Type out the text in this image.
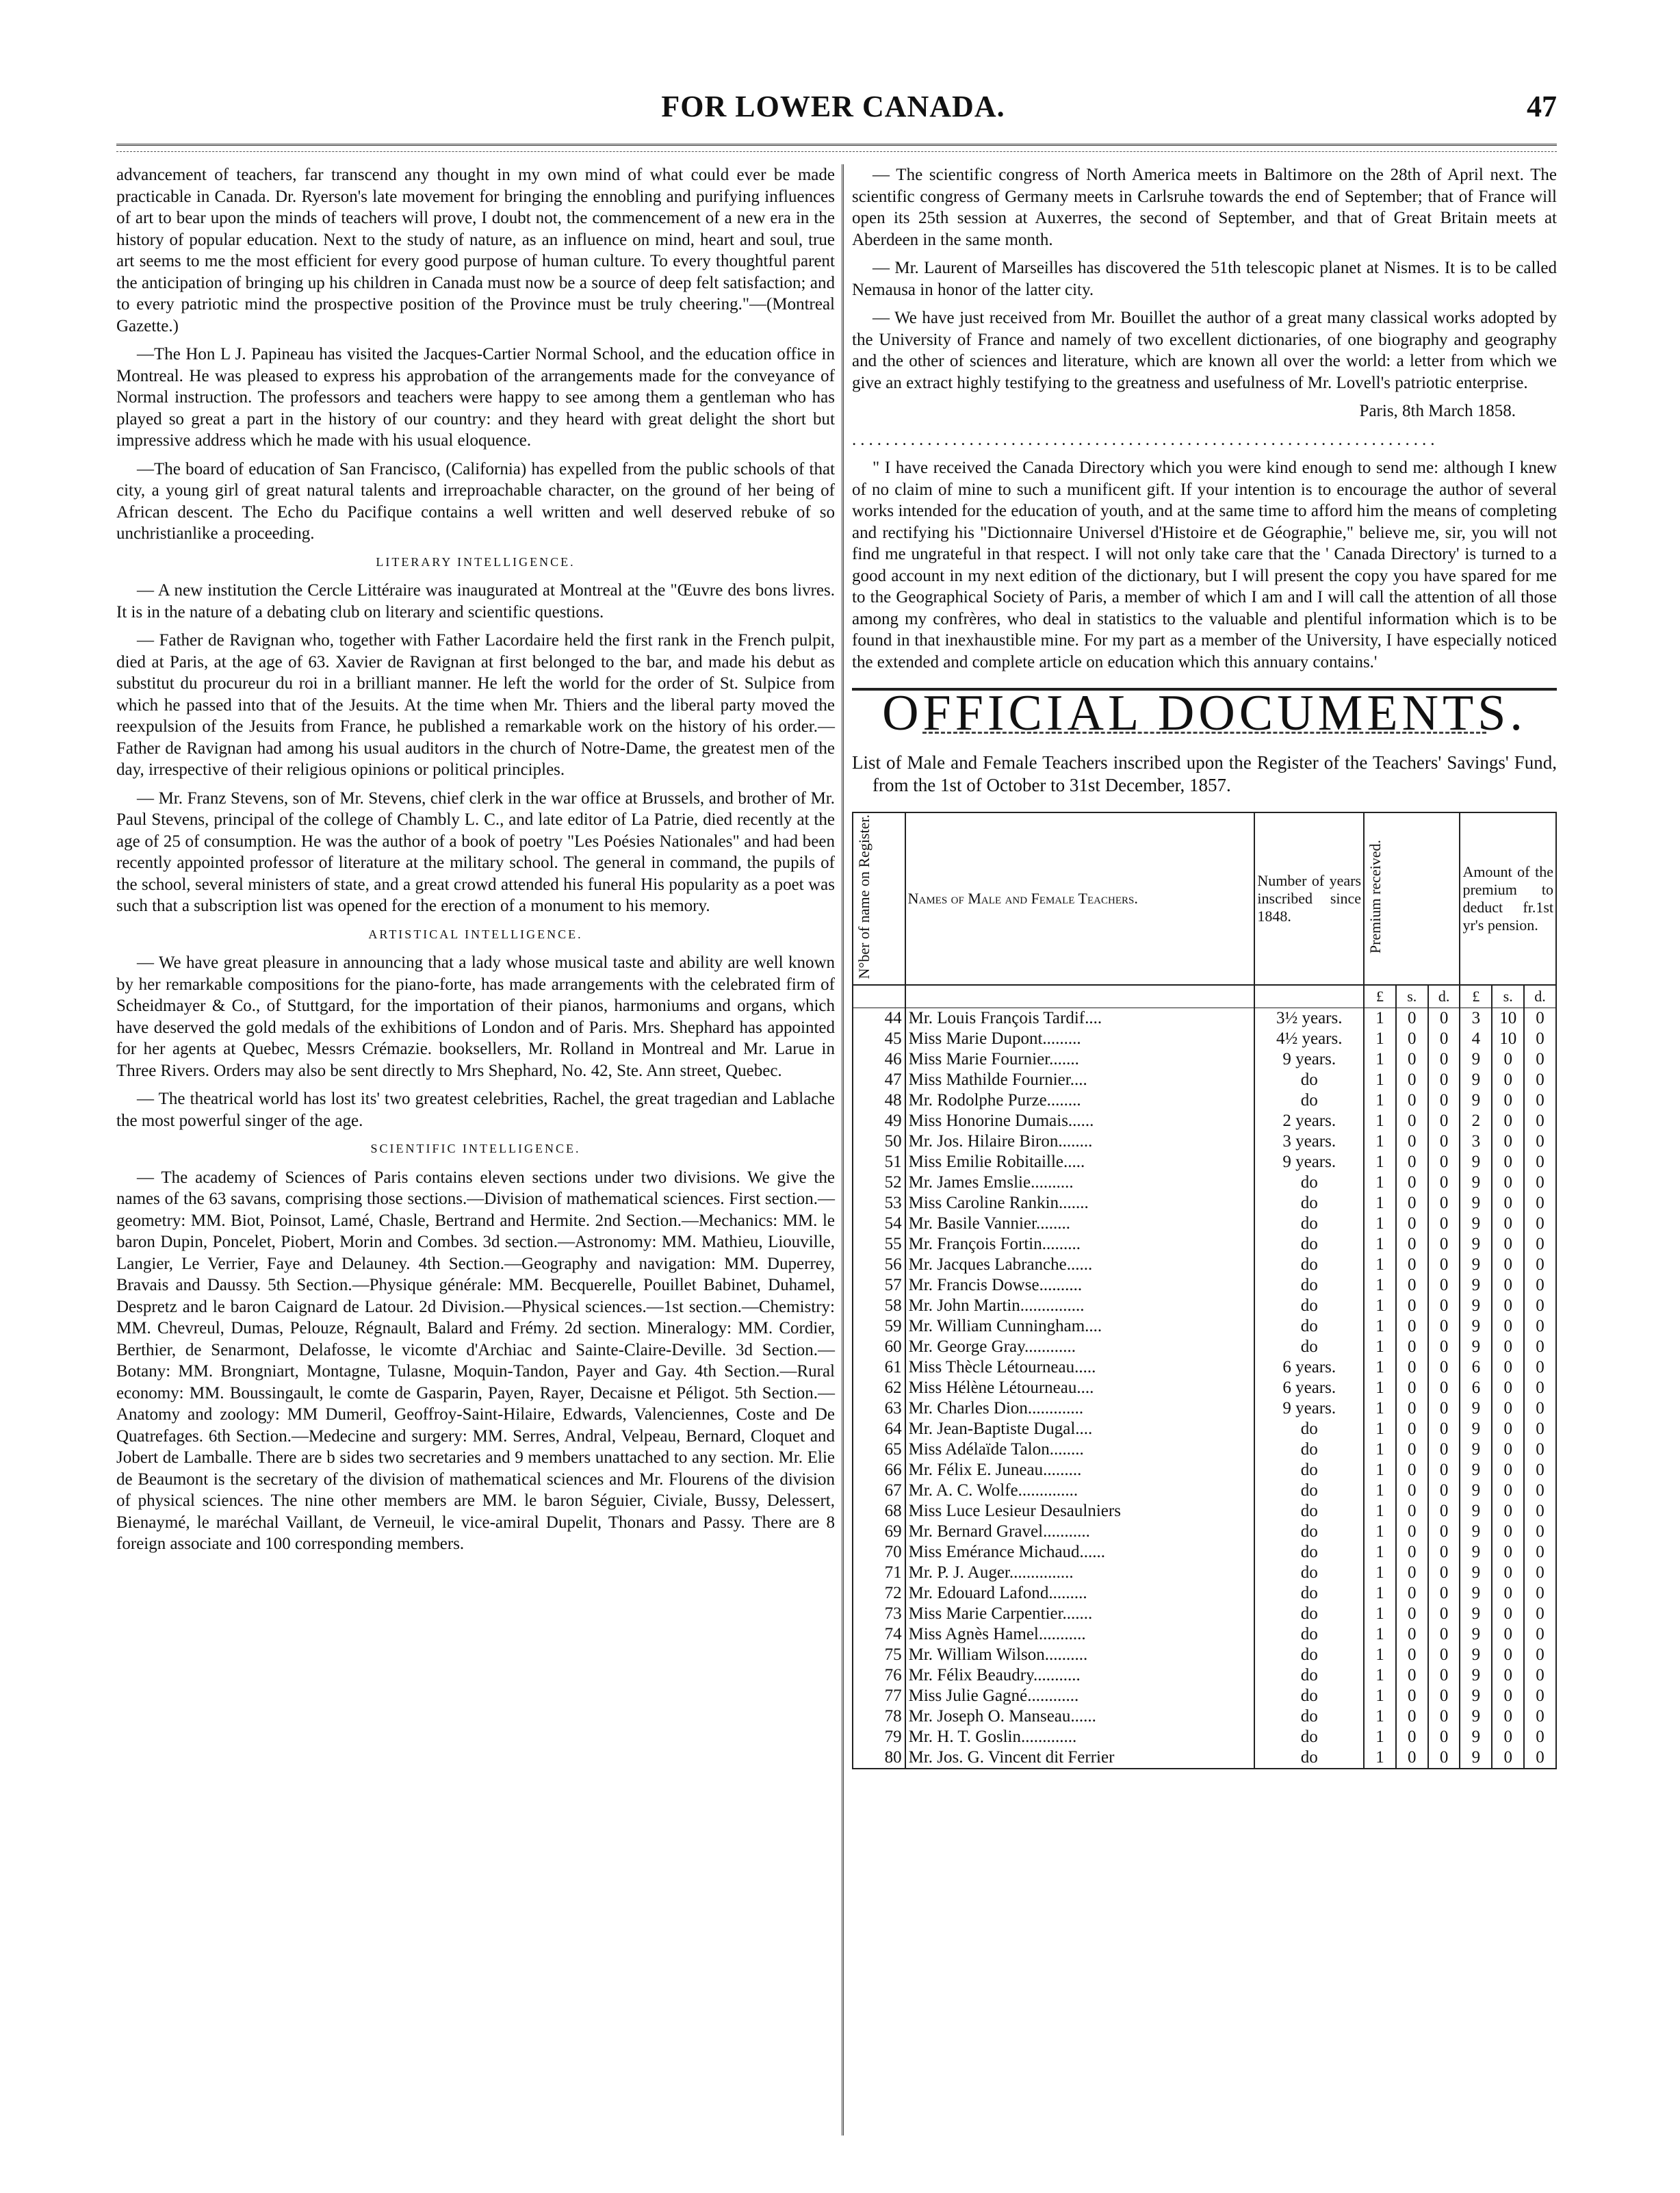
FOR LOWER CANADA.	47

advancement of teachers, far transcend any thought in my own mind of what could ever be made practicable in Canada. Dr. Ryerson's late movement for bringing the ennobling and purifying influences of art to bear upon the minds of teachers will prove, I doubt not, the commencement of a new era in the history of popular education. Next to the study of nature, as an influence on mind, heart and soul, true art seems to me the most efficient for every good purpose of human culture. To every thoughtful parent the anticipation of bringing up his children in Canada must now be a source of deep felt satisfaction; and to every patriotic mind the prospective position of the Province must be truly cheering."—(Montreal Gazette.)

—The Hon L J. Papineau has visited the Jacques-Cartier Normal School, and the education office in Montreal. He was pleased to express his approbation of the arrangements made for the conveyance of Normal instruction. The professors and teachers were happy to see among them a gentleman who has played so great a part in the history of our country: and they heard with great delight the short but impressive address which he made with his usual eloquence.

—The board of education of San Francisco, (California) has expelled from the public schools of that city, a young girl of great natural talents and irreproachable character, on the ground of her being of African descent. The Echo du Pacifique contains a well written and well deserved rebuke of so unchristianlike a proceeding.

LITERARY INTELLIGENCE.

— A new institution the Cercle Littéraire was inaugurated at Montreal at the "Œuvre des bons livres. It is in the nature of a debating club on literary and scientific questions.

— Father de Ravignan who, together with Father Lacordaire held the first rank in the French pulpit, died at Paris, at the age of 63. Xavier de Ravignan at first belonged to the bar, and made his debut as substitut du procureur du roi in a brilliant manner. He left the world for the order of St. Sulpice from which he passed into that of the Jesuits. At the time when Mr. Thiers and the liberal party moved the reexpulsion of the Jesuits from France, he published a remarkable work on the history of his order.—Father de Ravignan had among his usual auditors in the church of Notre-Dame, the greatest men of the day, irrespective of their religious opinions or political principles.

— Mr. Franz Stevens, son of Mr. Stevens, chief clerk in the war office at Brussels, and brother of Mr. Paul Stevens, principal of the college of Chambly L. C., and late editor of La Patrie, died recently at the age of 25 of consumption. He was the author of a book of poetry "Les Poésies Nationales" and had been recently appointed professor of literature at the military school. The general in command, the pupils of the school, several ministers of state, and a great crowd attended his funeral His popularity as a poet was such that a subscription list was opened for the erection of a monument to his memory.

ARTISTICAL INTELLIGENCE.

— We have great pleasure in announcing that a lady whose musical taste and ability are well known by her remarkable compositions for the piano-forte, has made arrangements with the celebrated firm of Scheidmayer & Co., of Stuttgard, for the importation of their pianos, harmoniums and organs, which have deserved the gold medals of the exhibitions of London and of Paris. Mrs. Shephard has appointed for her agents at Quebec, Messrs Crémazie. booksellers, Mr. Rolland in Montreal and Mr. Larue in Three Rivers. Orders may also be sent directly to Mrs Shephard, No. 42, Ste. Ann street, Quebec.

— The theatrical world has lost its' two greatest celebrities, Rachel, the great tragedian and Lablache the most powerful singer of the age.

SCIENTIFIC INTELLIGENCE.

— The academy of Sciences of Paris contains eleven sections under two divisions. We give the names of the 63 savans, comprising those sections.—Division of mathematical sciences. First section.—geometry: MM. Biot, Poinsot, Lamé, Chasle, Bertrand and Hermite. 2nd Section.—Mechanics: MM. le baron Dupin, Poncelet, Piobert, Morin and Combes. 3d section.—Astronomy: MM. Mathieu, Liouville, Langier, Le Verrier, Faye and Delauney. 4th Section.—Geography and navigation: MM. Duperrey, Bravais and Daussy. 5th Section.—Physique générale: MM. Becquerelle, Pouillet Babinet, Duhamel, Despretz and le baron Caignard de Latour. 2d Division.—Physical sciences.—1st section.—Chemistry: MM. Chevreul, Dumas, Pelouze, Régnault, Balard and Frémy. 2d section. Mineralogy: MM. Cordier, Berthier, de Senarmont, Delafosse, le vicomte d'Archiac and Sainte-Claire-Deville. 3d Section.—Botany: MM. Brongniart, Montagne, Tulasne, Moquin-Tandon, Payer and Gay. 4th Section.—Rural economy: MM. Boussingault, le comte de Gasparin, Payen, Rayer, Decaisne et Péligot. 5th Section.—Anatomy and zoology: MM Dumeril, Geoffroy-Saint-Hilaire, Edwards, Valenciennes, Coste and De Quatrefages. 6th Section.—Medecine and surgery: MM. Serres, Andral, Velpeau, Bernard, Cloquet and Jobert de Lamballe. There are b sides two secretaries and 9 members unattached to any section. Mr. Elie de Beaumont is the secretary of the division of mathematical sciences and Mr. Flourens of the division of physical sciences. The nine other members are MM. le baron Séguier, Civiale, Bussy, Delessert, Bienaymé, le maréchal Vaillant, de Verneuil, le vice-amiral Dupelit, Thonars and Passy. There are 8 foreign associate and 100 corresponding members.

— The scientific congress of North America meets in Baltimore on the 28th of April next. The scientific congress of Germany meets in Carlsruhe towards the end of September; that of France will open its 25th session at Auxerres, the second of September, and that of Great Britain meets at Aberdeen in the same month.

— Mr. Laurent of Marseilles has discovered the 51th telescopic planet at Nismes. It is to be called Nemausa in honor of the latter city.

— We have just received from Mr. Bouillet the author of a great many classical works adopted by the University of France and namely of two excellent dictionaries, of one biography and geography and the other of sciences and literature, which are known all over the world: a letter from which we give an extract highly testifying to the greatness and usefulness of Mr. Lovell's patriotic enterprise.

Paris, 8th March 1858.

......................................................................

" I have received the Canada Directory which you were kind enough to send me: although I knew of no claim of mine to such a munificent gift. If your intention is to encourage the author of several works intended for the education of youth, and at the same time to afford him the means of completing and rectifying his "Dictionnaire Universel d'Histoire et de Géographie," believe me, sir, you will not find me ungrateful in that respect. I will not only take care that the ' Canada Directory' is turned to a good account in my next edition of the dictionary, but I will present the copy you have spared for me to the Geographical Society of Paris, a member of which I am and I will call the attention of all those among my confrères, who deal in statistics to the valuable and plentiful information which is to be found in that inexhaustible mine. For my part as a member of the University, I have especially noticed the extended and complete article on education which this annuary contains.'

OFFICIAL DOCUMENTS.
List of Male and Female Teachers inscribed upon the Register of the Teachers' Savings' Fund, from the 1st of October to 31st December, 1857.
N°ber of name on Register.	Names of Male and Female Teachers.	Number of years inscribed since 1848.	Premium received.			Amount of the premium to deduct fr.1st yr's pension.		
			£	s.	d.	£	s.	d.
44	Mr. Louis François Tardif....	3½ years.	1	0	0	3	10	0
45	Miss Marie Dupont.........	4½ years.	1	0	0	4	10	0
46	Miss Marie Fournier.......	9 years.	1	0	0	9	0	0
47	Miss Mathilde Fournier....	do	1	0	0	9	0	0
48	Mr. Rodolphe Purze........	do	1	0	0	9	0	0
49	Miss Honorine Dumais......	2 years.	1	0	0	2	0	0
50	Mr. Jos. Hilaire Biron........	3 years.	1	0	0	3	0	0
51	Miss Emilie Robitaille.....	9 years.	1	0	0	9	0	0
52	Mr. James Emslie..........	do	1	0	0	9	0	0
53	Miss Caroline Rankin.......	do	1	0	0	9	0	0
54	Mr. Basile Vannier........	do	1	0	0	9	0	0
55	Mr. François Fortin.........	do	1	0	0	9	0	0
56	Mr. Jacques Labranche......	do	1	0	0	9	0	0
57	Mr. Francis Dowse..........	do	1	0	0	9	0	0
58	Mr. John Martin...............	do	1	0	0	9	0	0
59	Mr. William Cunningham....	do	1	0	0	9	0	0
60	Mr. George Gray............	do	1	0	0	9	0	0
61	Miss Thècle Létourneau.....	6 years.	1	0	0	6	0	0
62	Miss Hélène Létourneau....	6 years.	1	0	0	6	0	0
63	Mr. Charles Dion.............	9 years.	1	0	0	9	0	0
64	Mr. Jean-Baptiste Dugal....	do	1	0	0	9	0	0
65	Miss Adélaïde Talon........	do	1	0	0	9	0	0
66	Mr. Félix E. Juneau.........	do	1	0	0	9	0	0
67	Mr. A. C. Wolfe..............	do	1	0	0	9	0	0
68	Miss Luce Lesieur Desaulniers	do	1	0	0	9	0	0
69	Mr. Bernard Gravel...........	do	1	0	0	9	0	0
70	Miss Emérance Michaud......	do	1	0	0	9	0	0
71	Mr. P. J. Auger...............	do	1	0	0	9	0	0
72	Mr. Edouard Lafond.........	do	1	0	0	9	0	0
73	Miss Marie Carpentier.......	do	1	0	0	9	0	0
74	Miss Agnès Hamel...........	do	1	0	0	9	0	0
75	Mr. William Wilson..........	do	1	0	0	9	0	0
76	Mr. Félix Beaudry...........	do	1	0	0	9	0	0
77	Miss Julie Gagné............	do	1	0	0	9	0	0
78	Mr. Joseph O. Manseau......	do	1	0	0	9	0	0
79	Mr. H. T. Goslin.............	do	1	0	0	9	0	0
80	Mr. Jos. G. Vincent dit Ferrier	do	1	0	0	9	0	0
